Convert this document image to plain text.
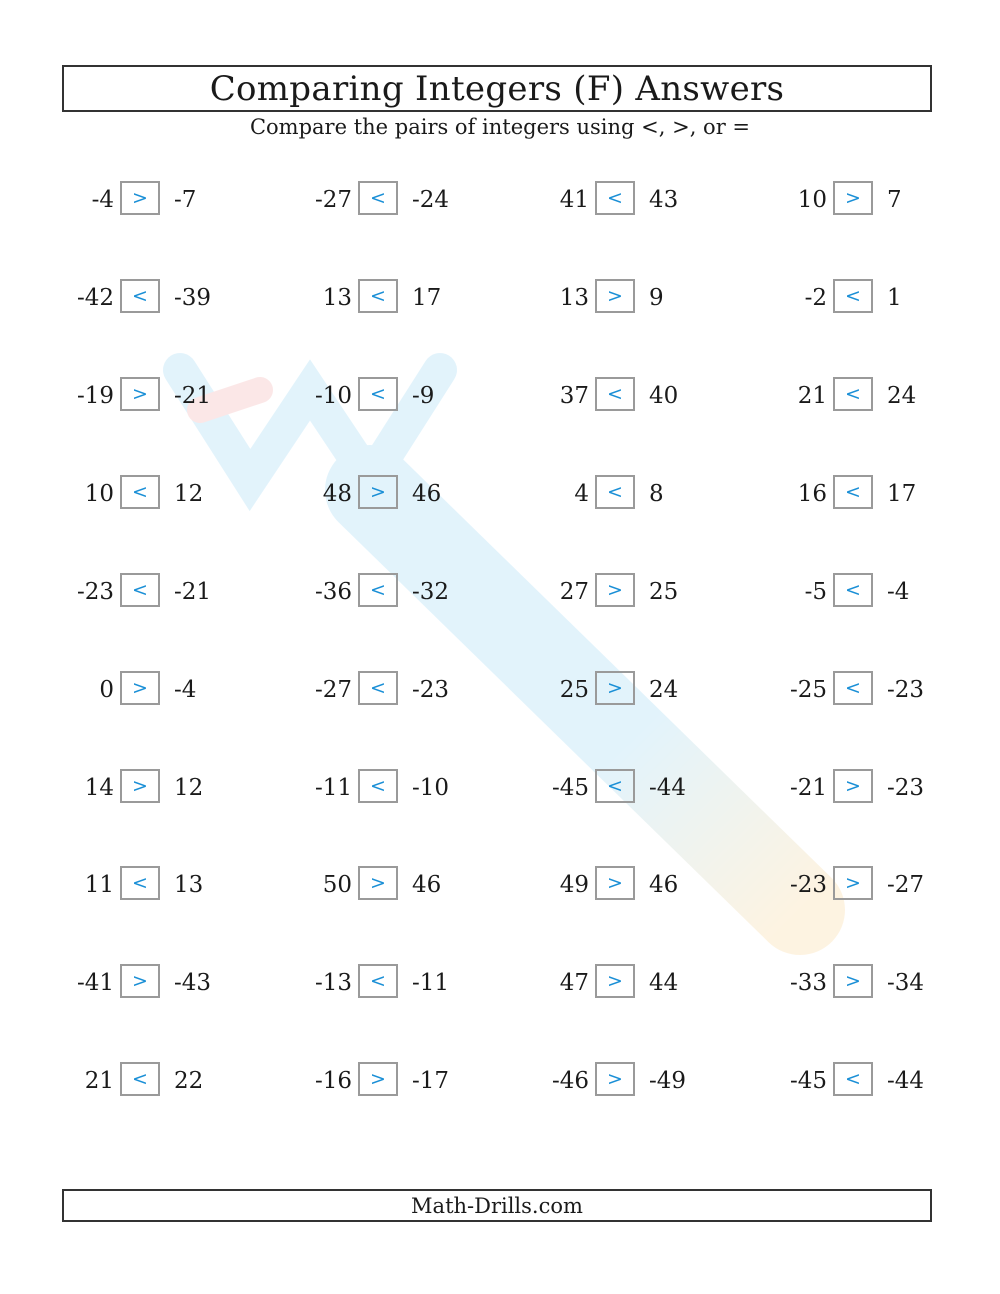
Comparing Integers (F) Answers
Compare the pairs of integers using <, >, or =
-4 >	-7	-27 <	-24	41 <	43	10 >	7
-42 <	-39	13 <	17	13 >	9	-2 <	1
-19 >	-21	-10 <	-9	37 <	40	21 <	24
10 <	12	48 >	46	4 <	8	16 <	17
-23 <	-21	-36 <	-32	27 >	25	-5 <	-4
0 >	-4	-27 <	-23	25 >	24	-25 <	-23
14 >	12	-11 <	-10	-45 <	-44	-21 >	-23
11 <	13	50 >	46	49 >	46	-23 >	-27
-41 >	-43	-13 <	-11	47 >	44	-33 >	-34
21 <	22	-16 >	-17	-46 >	-49	-45 <	-44
Math-Drills.com
